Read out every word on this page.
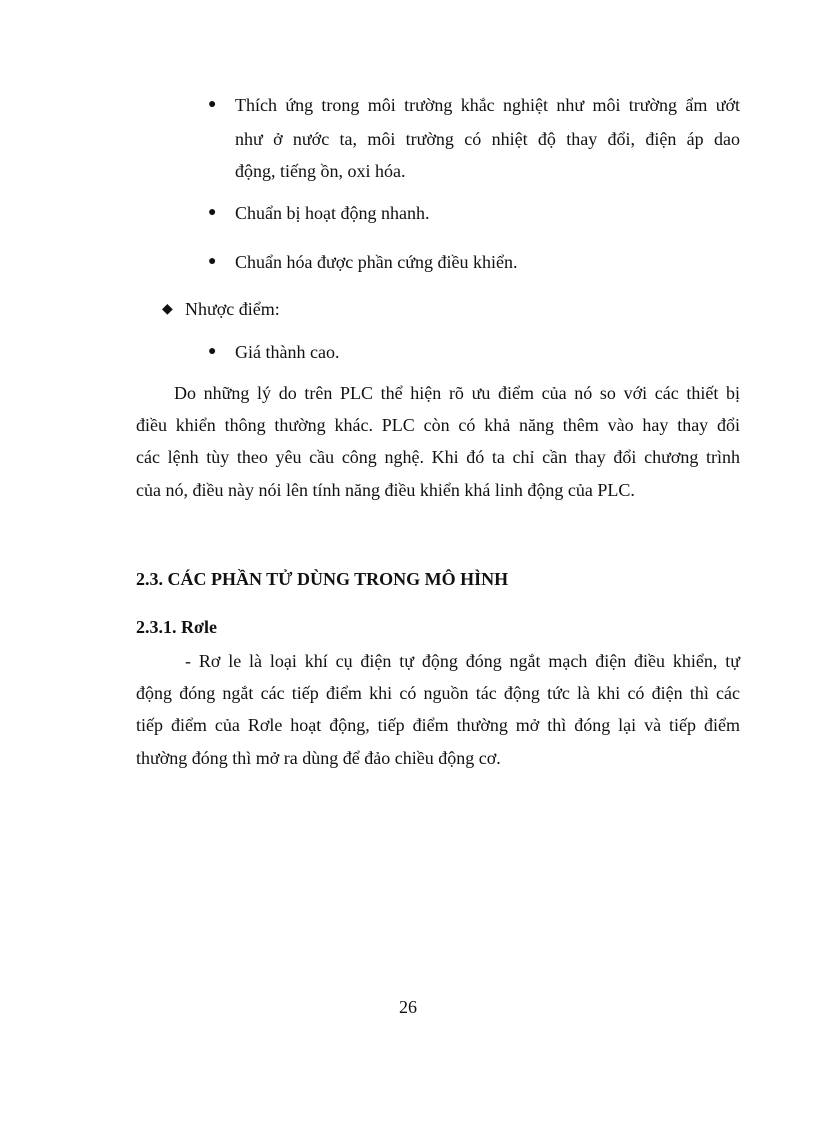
● Thích ứng trong môi trường khắc nghiệt như môi trường ẩm ướt
như ở nước ta, môi trường có nhiệt độ thay đổi, điện áp dao
động, tiếng ồn, oxi hóa.
● Chuẩn bị hoạt động nhanh.
● Chuẩn hóa được phần cứng điều khiển.
◆ Nhược điểm:
● Giá thành cao.
Do những lý do trên PLC thể hiện rõ ưu điểm của nó so với các thiết bị
điều khiển thông thường khác. PLC còn có khả năng thêm vào hay thay đổi
các lệnh tùy theo yêu cầu công nghệ. Khi đó ta chỉ cần thay đổi chương trình
của nó, điều này nói lên tính năng điều khiển khá linh động của PLC.
2.3. CÁC PHẦN TỬ DÙNG TRONG MÔ HÌNH
2.3.1. Rơle
- Rơ le là loại khí cụ điện tự động đóng ngắt mạch điện điều khiển, tự
động đóng ngắt các tiếp điểm khi có nguồn tác động tức là khi có điện thì các
tiếp điểm của Rơle hoạt động, tiếp điểm thường mở thì đóng lại và tiếp điểm
thường đóng thì mở ra dùng để đảo chiều động cơ.
26
